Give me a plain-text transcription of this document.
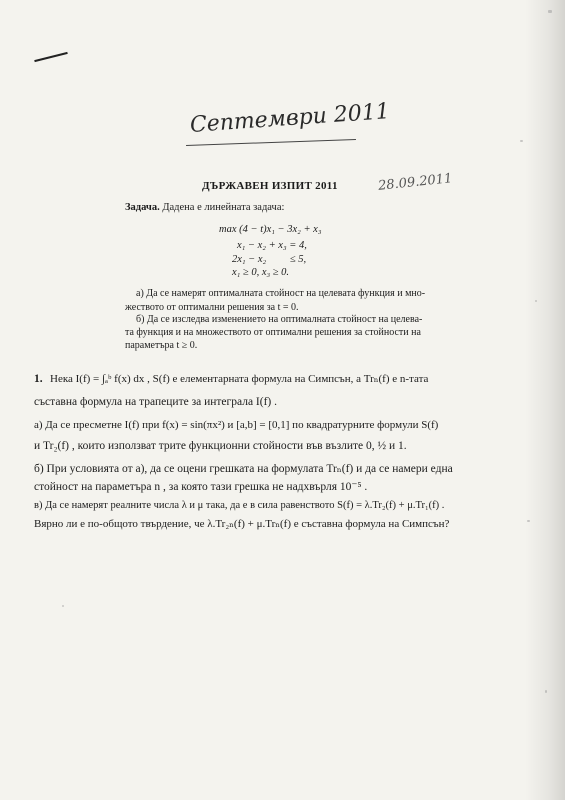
Септември 2011
28.09.2011
ДЪРЖАВЕН ИЗПИТ 2011
Задача. Дадена е линейната задача:
max (4 − t)x₁ − 3x₂ + x₃
x₁ − x₂ + x₃ = 4,
2x₁ − x₂         ≤ 5,
x₁ ≥ 0, x₃ ≥ 0.
а) Да се намерят оптималната стойност на целевата функция и мно-
жеството от оптимални решения за t = 0.
б) Да се изследва изменението на оптималната стойност на целева-
та функция и на множеството от оптимални решения за стойности на
параметъра t ≥ 0.
1. Нека I(f) = ∫ₐᵇ f(x) dx , S(f) е елементарната формула на Симпсън, а Trₙ(f) е n-тата
съставна формула на трапеците за интеграла I(f) .
а) Да се пресметне I(f) при f(x) = sin(πx²) и [a,b] = [0,1] по квадратурните формули S(f)
и Tr₂(f) , които използват трите функционни стойности във възлите 0, ½ и 1.
б) При условията от а), да се оцени грешката на формулата Trₙ(f) и да се намери една
стойност на параметъра n , за която тази грешка не надхвърля 10⁻⁵ .
в) Да се намерят реалните числа λ и μ така, да е в сила равенството S(f) = λ.Tr₂(f) + μ.Tr₁(f) .
Вярно ли е по-общото твърдение, че λ.Tr₂ₙ(f) + μ.Trₙ(f) е съставна формула на Симпсън?
